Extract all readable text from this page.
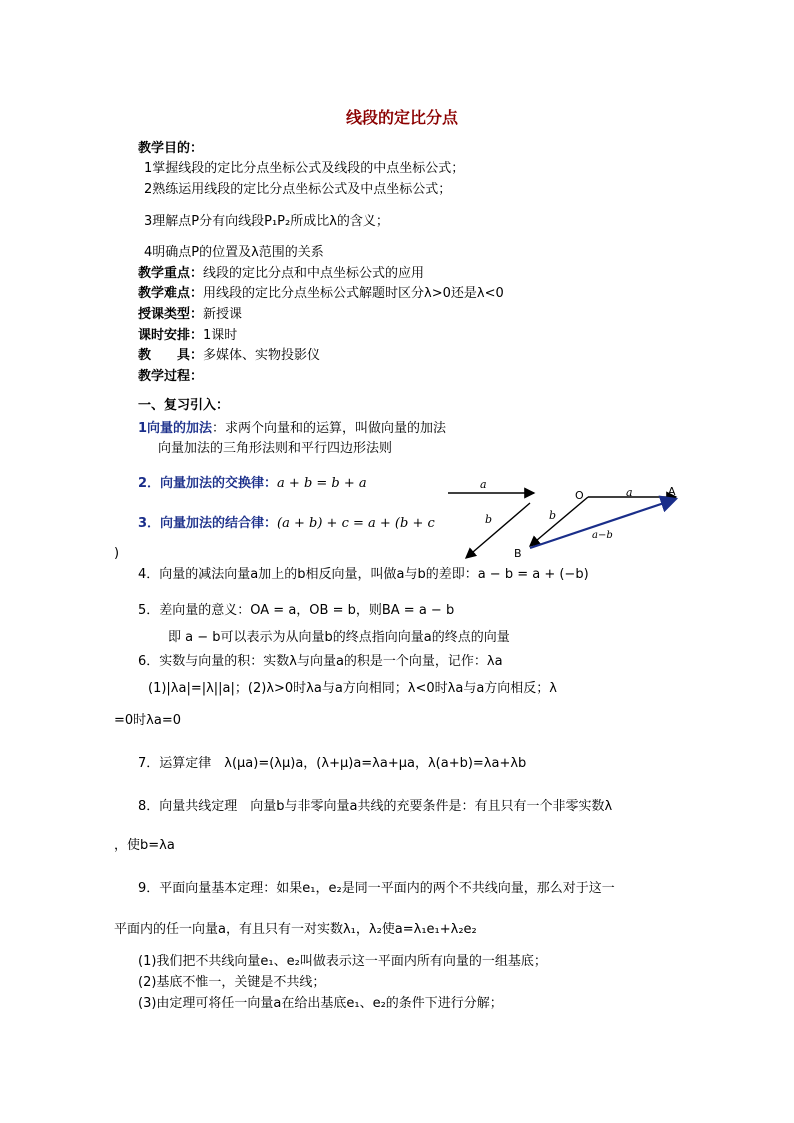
线段的定比分点
教学目的：
1掌握线段的定比分点坐标公式及线段的中点坐标公式；
2熟练运用线段的定比分点坐标公式及中点坐标公式；
3理解点P分有向线段P₁P₂所成比λ的含义；
4明确点P的位置及λ范围的关系
教学重点：线段的定比分点和中点坐标公式的应用
教学难点：用线段的定比分点坐标公式解题时区分λ>0还是λ<0
授课类型：新授课
课时安排：1课时
教　　具：多媒体、实物投影仪
教学过程：
一、复习引入：
1向量的加法：求两个向量和的运算，叫做向量的加法
向量加法的三角形法则和平行四边形法则
2．向量加法的交换律：a + b = b + a
3．向量加法的结合律：(a + b) + c = a + (b + c
)
a
b
O	a	A
b
a−b
B
4．向量的减法向量a加上的b相反向量，叫做a与b的差即：a − b = a + (−b)
5．差向量的意义：OA = a，OB = b，则BA = a − b
即 a − b可以表示为从向量b的终点指向向量a的终点的向量
6．实数与向量的积：实数λ与向量a的积是一个向量，记作：λa
(1)|λa|=|λ||a|；(2)λ>0时λa与a方向相同；λ<0时λa与a方向相反；λ
=0时λa=0
7．运算定律　λ(μa)=(λμ)a，(λ+μ)a=λa+μa，λ(a+b)=λa+λb
8．向量共线定理　向量b与非零向量a共线的充要条件是：有且只有一个非零实数λ
，使b=λa
9．平面向量基本定理：如果e₁，e₂是同一平面内的两个不共线向量，那么对于这一
平面内的任一向量a，有且只有一对实数λ₁，λ₂使a=λ₁e₁+λ₂e₂
(1)我们把不共线向量e₁、e₂叫做表示这一平面内所有向量的一组基底；
(2)基底不惟一，关键是不共线；
(3)由定理可将任一向量a在给出基底e₁、e₂的条件下进行分解；
